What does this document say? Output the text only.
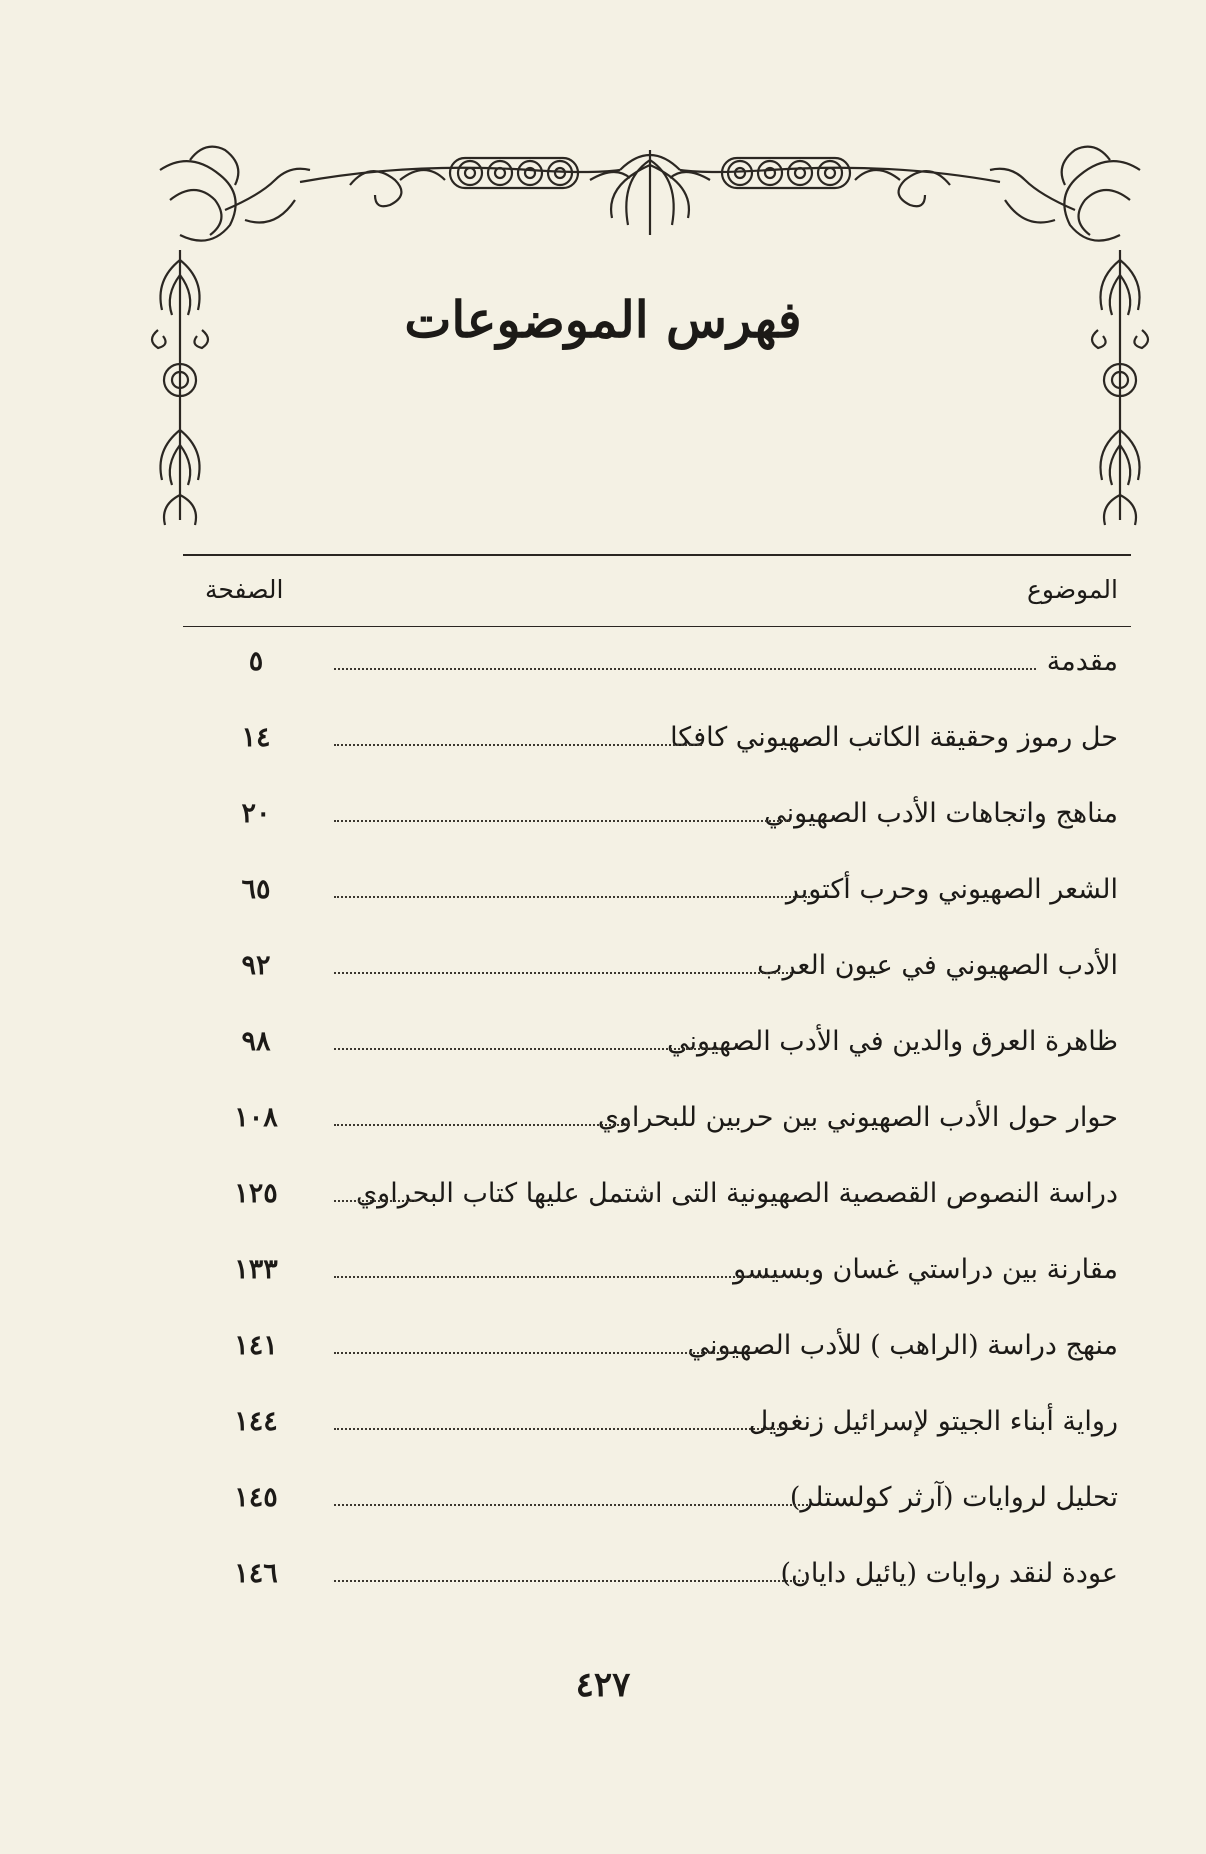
فهرس الموضوعات
الموضوع
الصفحة
مقدمة
٥
حل رموز وحقيقة الكاتب الصهيوني كافكا
١٤
مناهج واتجاهات الأدب الصهيوني
٢٠
الشعر الصهيوني وحرب أكتوبر
٦٥
الأدب الصهيوني في عيون العرب
٩٢
ظاهرة العرق والدين في الأدب الصهيوني
٩٨
حوار حول الأدب الصهيوني بين حربين للبحراوي
١٠٨
دراسة النصوص القصصية الصهيونية التى اشتمل عليها كتاب البحراوي
١٢٥
مقارنة بين دراستي غسان وبسيسو
١٣٣
منهج دراسة (الراهب ) للأدب الصهيوني
١٤١
رواية أبناء الجيتو لإسرائيل زنغويل
١٤٤
تحليل لروايات (آرثر كولستلر)
١٤٥
عودة لنقد روايات (يائيل دايان)
١٤٦
٤٢٧
